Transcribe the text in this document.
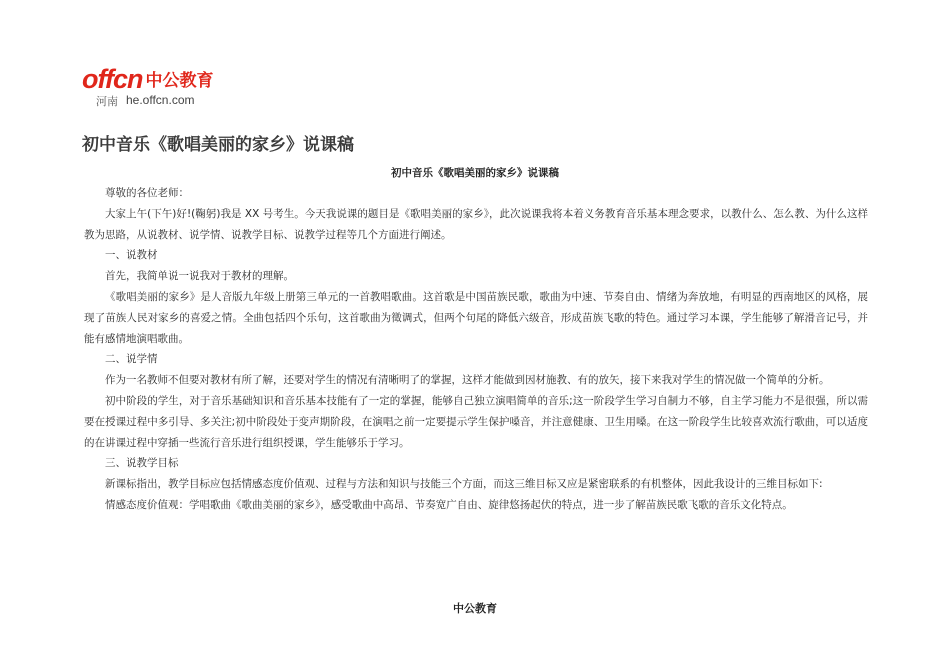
offcn 中公教育
河南 he.offcn.com
初中音乐《歌唱美丽的家乡》说课稿
初中音乐《歌唱美丽的家乡》说课稿

尊敬的各位老师：

大家上午(下午)好!(鞠躬)我是 XX 号考生。今天我说课的题目是《歌唱美丽的家乡》，此次说课我将本着义务教育音乐基本理念要求，以教什么、怎么教、为什么这样教为思路，从说教材、说学情、说教学目标、说教学过程等几个方面进行阐述。

一、说教材

首先，我简单说一说我对于教材的理解。

《歌唱美丽的家乡》是人音版九年级上册第三单元的一首教唱歌曲。这首歌是中国苗族民歌，歌曲为中速、节奏自由、情绪为奔放地，有明显的西南地区的风格，展现了苗族人民对家乡的喜爱之情。全曲包括四个乐句，这首歌曲为徵调式，但两个句尾的降低六级音，形成苗族飞歌的特色。通过学习本课，学生能够了解滑音记号，并能有感情地演唱歌曲。

二、说学情

作为一名教师不但要对教材有所了解，还要对学生的情况有清晰明了的掌握，这样才能做到因材施教、有的放矢，接下来我对学生的情况做一个简单的分析。

初中阶段的学生，对于音乐基础知识和音乐基本技能有了一定的掌握，能够自己独立演唱简单的音乐;这一阶段学生学习自制力不够，自主学习能力不是很强，所以需要在授课过程中多引导、多关注;初中阶段处于变声期阶段，在演唱之前一定要提示学生保护嗓音，并注意健康、卫生用嗓。在这一阶段学生比较喜欢流行歌曲，可以适度的在讲课过程中穿插一些流行音乐进行组织授课，学生能够乐于学习。

三、说教学目标

新课标指出，教学目标应包括情感态度价值观、过程与方法和知识与技能三个方面，而这三维目标又应是紧密联系的有机整体，因此我设计的三维目标如下:

情感态度价值观：学唱歌曲《歌曲美丽的家乡》，感受歌曲中高昂、节奏宽广自由、旋律悠扬起伏的特点，进一步了解苗族民歌飞歌的音乐文化特点。

中公教育
